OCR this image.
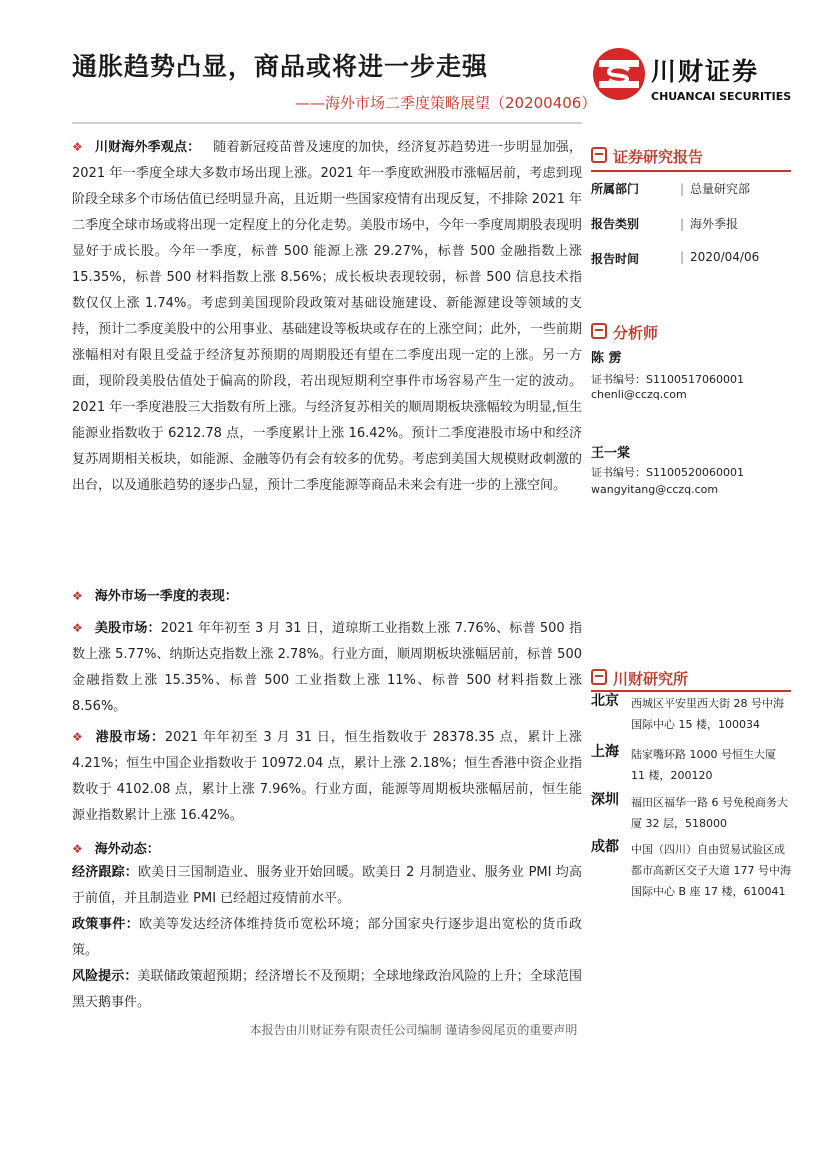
通胀趋势凸显，商品或将进一步走强
——海外市场二季度策略展望（20200406）
川财证券
CHUANCAI SECURITIES
❖ 川财海外季观点： 随着新冠疫苗普及速度的加快，经济复苏趋势进一步明显加强，2021 年一季度全球大多数市场出现上涨。2021 年一季度欧洲股市涨幅居前，考虑到现阶段全球多个市场估值已经明显升高，且近期一些国家疫情有出现反复，不排除 2021 年二季度全球市场或将出现一定程度上的分化走势。美股市场中，今年一季度周期股表现明显好于成长股。今年一季度，标普 500 能源上涨 29.27%，标普 500 金融指数上涨 15.35%，标普 500 材料指数上涨 8.56%；成长板块表现较弱，标普 500 信息技术指数仅仅上涨 1.74%。考虑到美国现阶段政策对基础设施建设、新能源建设等领域的支持，预计二季度美股中的公用事业、基础建设等板块或存在的上涨空间；此外，一些前期涨幅相对有限且受益于经济复苏预期的周期股还有望在二季度出现一定的上涨。另一方面，现阶段美股估值处于偏高的阶段，若出现短期利空事件市场容易产生一定的波动。2021 年一季度港股三大指数有所上涨。与经济复苏相关的顺周期板块涨幅较为明显,恒生能源业指数收于 6212.78 点，一季度累计上涨 16.42%。预计二季度港股市场中和经济复苏周期相关板块，如能源、金融等仍有会有较多的优势。考虑到美国大规模财政刺激的出台，以及通胀趋势的逐步凸显，预计二季度能源等商品未来会有进一步的上涨空间。
❖ 海外市场一季度的表现：
❖ 美股市场：2021 年年初至 3 月 31 日，道琼斯工业指数上涨 7.76%、标普 500 指数上涨 5.77%、纳斯达克指数上涨 2.78%。行业方面，顺周期板块涨幅居前，标普 500 金融指数上涨 15.35%、标普 500 工业指数上涨 11%、标普 500 材料指数上涨 8.56%。
❖ 港股市场：2021 年年初至 3 月 31 日，恒生指数收于 28378.35 点，累计上涨 4.21%；恒生中国企业指数收于 10972.04 点，累计上涨 2.18%；恒生香港中资企业指数收于 4102.08 点，累计上涨 7.96%。行业方面，能源等周期板块涨幅居前，恒生能源业指数累计上涨 16.42%。
❖ 海外动态：
经济跟踪：欧美日三国制造业、服务业开始回暖。欧美日 2 月制造业、服务业 PMI 均高于前值，并且制造业 PMI 已经超过疫情前水平。
政策事件：欧美等发达经济体维持货币宽松环境；部分国家央行逐步退出宽松的货币政策。
风险提示：美联储政策超预期；经济增长不及预期；全球地缘政治风险的上升；全球范围黑天鹅事件。
证券研究报告
所属部门	| 总量研究部
报告类别	| 海外季报
报告时间	| 2020/04/06
分析师
陈 雳
证书编号：S1100517060001
chenli@cczq.com
王一棠
证书编号：S1100520060001
wangyitang@cczq.com
川财研究所
北京 西城区平安里西大街 28 号中海国际中心 15 楼，100034
上海 陆家嘴环路 1000 号恒生大厦 11 楼，200120
深圳 福田区福华一路 6 号免税商务大厦 32 层，518000
成都 中国（四川）自由贸易试验区成都市高新区交子大道 177 号中海国际中心 B 座 17 楼，610041
本报告由川财证券有限责任公司编制 谨请参阅尾页的重要声明
